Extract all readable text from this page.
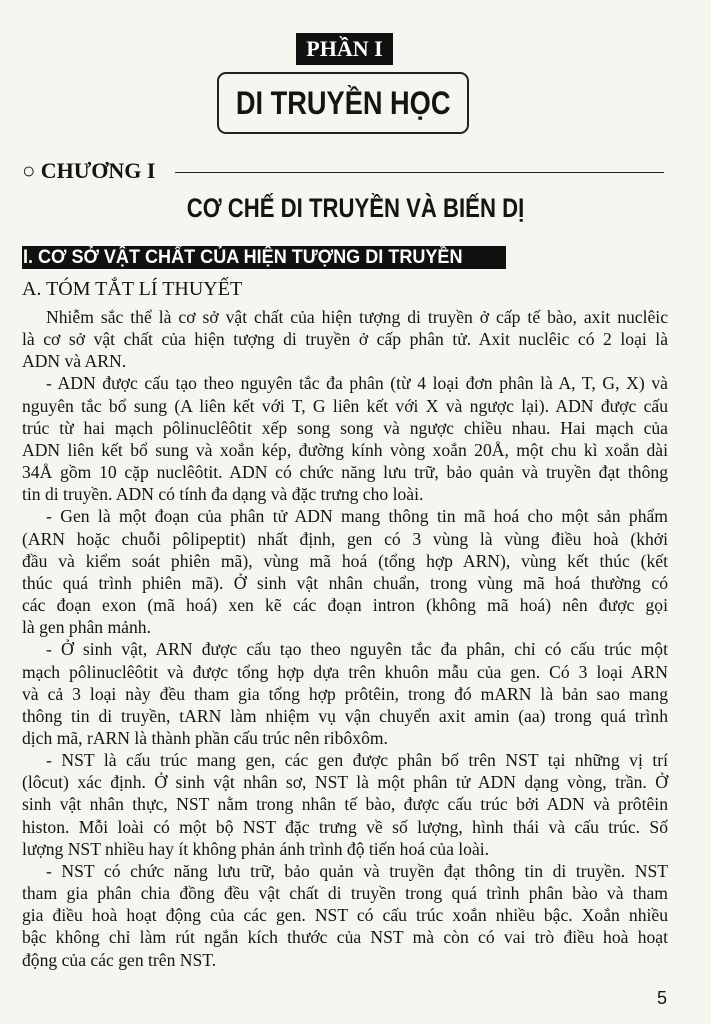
PHẦN I
DI TRUYỀN HỌC
○ CHƯƠNG I
CƠ CHẾ DI TRUYỀN VÀ BIẾN DỊ
I. CƠ SỞ VẬT CHẤT CỦA HIỆN TƯỢNG DI TRUYỀN
A. TÓM TẮT LÍ THUYẾT
Nhiễm sắc thể là cơ sở vật chất của hiện tượng di truyền ở cấp tế bào, axit nuclêic
là cơ sở vật chất của hiện tượng di truyền ở cấp phân tử. Axit nuclêic có 2 loại là
ADN và ARN.
- ADN được cấu tạo theo nguyên tắc đa phân (từ 4 loại đơn phân là A, T, G, X) và
nguyên tắc bổ sung (A liên kết với T, G liên kết với X và ngược lại). ADN được cấu
trúc từ hai mạch pôlinuclêôtit xếp song song và ngược chiều nhau. Hai mạch của
ADN liên kết bổ sung và xoắn kép, đường kính vòng xoắn 20Å, một chu kì xoắn dài
34Å gồm 10 cặp nuclêôtit. ADN có chức năng lưu trữ, bảo quản và truyền đạt thông
tin di truyền. ADN có tính đa dạng và đặc trưng cho loài.
- Gen là một đoạn của phân tử ADN mang thông tin mã hoá cho một sản phẩm
(ARN hoặc chuỗi pôlipeptit) nhất định, gen có 3 vùng là vùng điều hoà (khởi
đầu và kiểm soát phiên mã), vùng mã hoá (tổng hợp ARN), vùng kết thúc (kết
thúc quá trình phiên mã). Ở sinh vật nhân chuẩn, trong vùng mã hoá thường có
các đoạn exon (mã hoá) xen kẽ các đoạn intron (không mã hoá) nên được gọi
là gen phân mảnh.
- Ở sinh vật, ARN được cấu tạo theo nguyên tắc đa phân, chỉ có cấu trúc một
mạch pôlinuclêôtit và được tổng hợp dựa trên khuôn mẫu của gen. Có 3 loại ARN
và cả 3 loại này đều tham gia tổng hợp prôtêin, trong đó mARN là bản sao mang
thông tin di truyền, tARN làm nhiệm vụ vận chuyển axit amin (aa) trong quá trình
dịch mã, rARN là thành phần cấu trúc nên ribôxôm.
- NST là cấu trúc mang gen, các gen được phân bố trên NST tại những vị trí
(lôcut) xác định. Ở sinh vật nhân sơ, NST là một phân tử ADN dạng vòng, trần. Ở
sinh vật nhân thực, NST nằm trong nhân tế bào, được cấu trúc bởi ADN và prôtêin
histon. Mỗi loài có một bộ NST đặc trưng về số lượng, hình thái và cấu trúc. Số
lượng NST nhiều hay ít không phản ánh trình độ tiến hoá của loài.
- NST có chức năng lưu trữ, bảo quản và truyền đạt thông tin di truyền. NST
tham gia phân chia đồng đều vật chất di truyền trong quá trình phân bào và tham
gia điều hoà hoạt động của các gen. NST có cấu trúc xoắn nhiều bậc. Xoắn nhiều
bậc không chỉ làm rút ngắn kích thước của NST mà còn có vai trò điều hoà hoạt
động của các gen trên NST.
5
